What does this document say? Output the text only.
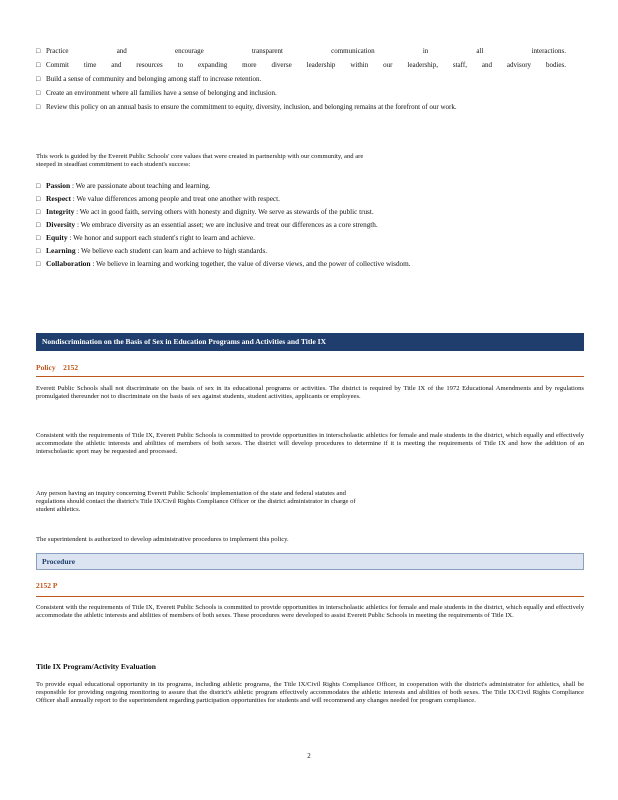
□ Practice and encourage transparent communication in all interactions.
□ Commit time and resources to expanding more diverse leadership within our leadership, staff, and advisory bodies.
□ Build a sense of community and belonging among staff to increase retention.
□ Create an environment where all families have a sense of belonging and inclusion.
□ Review this policy on an annual basis to ensure the commitment to equity, diversity, inclusion, and belonging remains at the forefront of our work.
This work is guided by the Everett Public Schools' core values that were created in partnership with our community, and are steeped in steadfast commitment to each student's success:
□ Passion : We are passionate about teaching and learning.
□ Respect : We value differences among people and treat one another with respect.
□ Integrity : We act in good faith, serving others with honesty and dignity. We serve as stewards of the public trust.
□ Diversity : We embrace diversity as an essential asset; we are inclusive and treat our differences as a core strength.
□ Equity : We honor and support each student's right to learn and achieve.
□ Learning : We believe each student can learn and achieve to high standards.
□ Collaboration : We believe in learning and working together, the value of diverse views, and the power of collective wisdom.
Nondiscrimination on the Basis of Sex in Education Programs and Activities and Title IX
Policy 2152
Everett Public Schools shall not discriminate on the basis of sex in its educational programs or activities. The district is required by Title IX of the 1972 Educational Amendments and by regulations promulgated thereunder not to discriminate on the basis of sex against students, student activities, applicants or employees.
Consistent with the requirements of Title IX, Everett Public Schools is committed to provide opportunities in interscholastic athletics for female and male students in the district, which equally and effectively accommodate the athletic interests and abilities of members of both sexes. The district will develop procedures to determine if it is meeting the requirements of Title IX and how the addition of an interscholastic sport may be requested and processed.
Any person having an inquiry concerning Everett Public Schools' implementation of the state and federal statutes and regulations should contact the district's Title IX/Civil Rights Compliance Officer or the district administrator in charge of student athletics.
The superintendent is authorized to develop administrative procedures to implement this policy.
Procedure
2152 P
Consistent with the requirements of Title IX, Everett Public Schools is committed to provide opportunities in interscholastic athletics for female and male students in the district, which equally and effectively accommodate the athletic interests and abilities of members of both sexes. These procedures were developed to assist Everett Public Schools in meeting the requirements of Title IX.
Title IX Program/Activity Evaluation
To provide equal educational opportunity in its programs, including athletic programs, the Title IX/Civil Rights Compliance Officer, in cooperation with the district's administrator for athletics, shall be responsible for providing ongoing monitoring to assure that the district's athletic program effectively accommodates the athletic interests and abilities of both sexes. The Title IX/Civil Rights Compliance Officer shall annually report to the superintendent regarding participation opportunities for students and will recommend any changes needed for program compliance.
2
